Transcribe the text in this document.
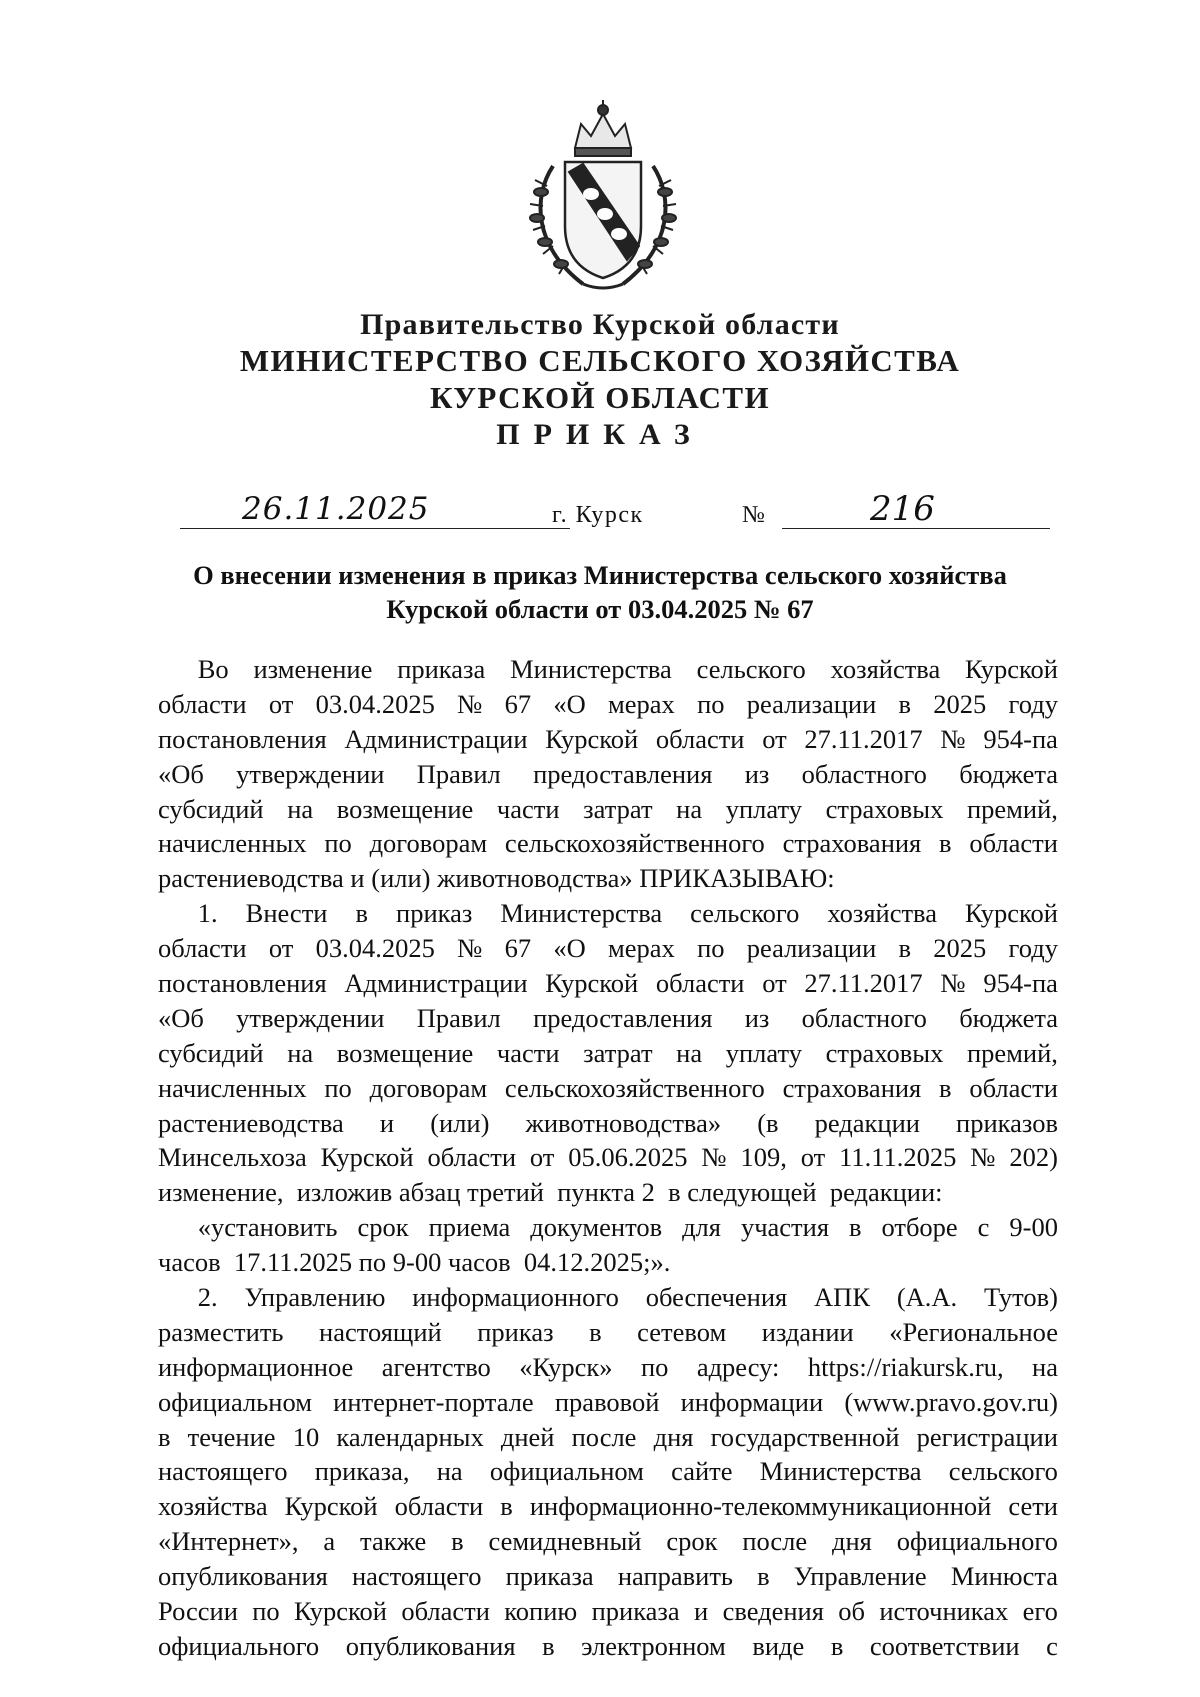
Правительство Курской области
МИНИСТЕРСТВО СЕЛЬСКОГО ХОЗЯЙСТВА
КУРСКОЙ ОБЛАСТИ
ПРИКАЗ
26.11.2025	г. Курск	№	216
О внесении изменения в приказ Министерства сельского хозяйства
Курской области от 03.04.2025 № 67
Во изменение приказа Министерства сельского хозяйства Курской
области от 03.04.2025 № 67 «О мерах по реализации в 2025 году
постановления Администрации Курской области от 27.11.2017 № 954-па
«Об утверждении Правил предоставления из областного бюджета
субсидий на возмещение части затрат на уплату страховых премий,
начисленных по договорам сельскохозяйственного страхования в области
растениеводства и (или) животноводства» ПРИКАЗЫВАЮ:
1. Внести в приказ Министерства сельского хозяйства Курской
области от 03.04.2025 № 67 «О мерах по реализации в 2025 году
постановления Администрации Курской области от 27.11.2017 № 954-па
«Об утверждении Правил предоставления из областного бюджета
субсидий на возмещение части затрат на уплату страховых премий,
начисленных по договорам сельскохозяйственного страхования в области
растениеводства и (или) животноводства» (в редакции приказов
Минсельхоза Курской области от 05.06.2025 № 109, от 11.11.2025 № 202)
изменение,  изложив абзац третий  пункта 2  в следующей  редакции:
«установить срок приема документов для участия в отборе с 9-00
часов  17.11.2025 по 9-00 часов  04.12.2025;».
2. Управлению информационного обеспечения АПК (А.А. Тутов)
разместить настоящий приказ в сетевом издании «Региональное
информационное агентство «Курск» по адресу: https://riakursk.ru, на
официальном интернет-портале правовой информации (www.pravo.gov.ru)
в течение 10 календарных дней после дня государственной регистрации
настоящего приказа, на официальном сайте Министерства сельского
хозяйства Курской области в информационно-телекоммуникационной сети
«Интернет», а также в семидневный срок после дня официального
опубликования настоящего приказа направить в Управление Минюста
России по Курской области копию приказа и сведения об источниках его
официального опубликования в электронном виде в соответствии с
